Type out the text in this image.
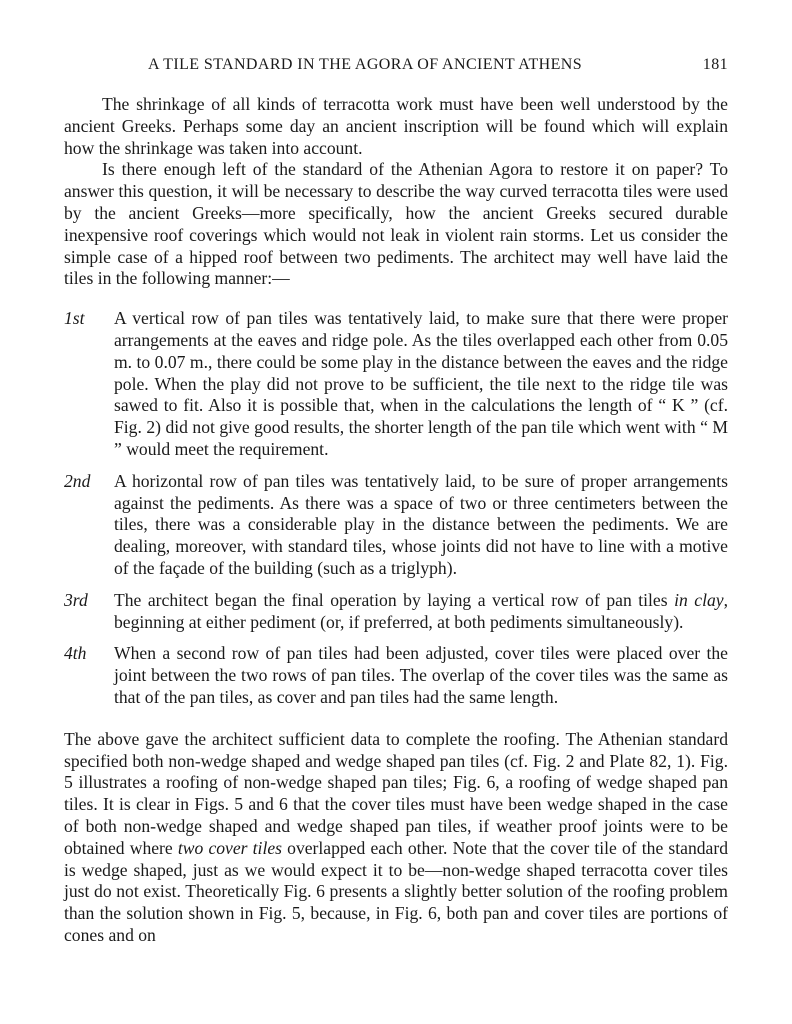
A TILE STANDARD IN THE AGORA OF ANCIENT ATHENS	181

The shrinkage of all kinds of terracotta work must have been well understood by the ancient Greeks. Perhaps some day an ancient inscription will be found which will explain how the shrinkage was taken into account.

Is there enough left of the standard of the Athenian Agora to restore it on paper? To answer this question, it will be necessary to describe the way curved terracotta tiles were used by the ancient Greeks—more specifically, how the ancient Greeks secured durable inexpensive roof coverings which would not leak in violent rain storms. Let us consider the simple case of a hipped roof between two pediments. The architect may well have laid the tiles in the following manner:—

1st A vertical row of pan tiles was tentatively laid, to make sure that there were proper arrangements at the eaves and ridge pole. As the tiles overlapped each other from 0.05 m. to 0.07 m., there could be some play in the distance between the eaves and the ridge pole. When the play did not prove to be sufficient, the tile next to the ridge tile was sawed to fit. Also it is possible that, when in the calculations the length of “ K ” (cf. Fig. 2) did not give good results, the shorter length of the pan tile which went with “ M ” would meet the requirement.
2nd A horizontal row of pan tiles was tentatively laid, to be sure of proper arrangements against the pediments. As there was a space of two or three centimeters between the tiles, there was a considerable play in the distance between the pediments. We are dealing, moreover, with standard tiles, whose joints did not have to line with a motive of the façade of the building (such as a triglyph).
3rd The architect began the final operation by laying a vertical row of pan tiles in clay, beginning at either pediment (or, if preferred, at both pediments simultaneously).
4th When a second row of pan tiles had been adjusted, cover tiles were placed over the joint between the two rows of pan tiles. The overlap of the cover tiles was the same as that of the pan tiles, as cover and pan tiles had the same length.

The above gave the architect sufficient data to complete the roofing. The Athenian standard specified both non-wedge shaped and wedge shaped pan tiles (cf. Fig. 2 and Plate 82, 1). Fig. 5 illustrates a roofing of non-wedge shaped pan tiles; Fig. 6, a roofing of wedge shaped pan tiles. It is clear in Figs. 5 and 6 that the cover tiles must have been wedge shaped in the case of both non-wedge shaped and wedge shaped pan tiles, if weather proof joints were to be obtained where two cover tiles overlapped each other. Note that the cover tile of the standard is wedge shaped, just as we would expect it to be—non-wedge shaped terracotta cover tiles just do not exist. Theoretically Fig. 6 presents a slightly better solution of the roofing problem than the solution shown in Fig. 5, because, in Fig. 6, both pan and cover tiles are portions of cones and on
